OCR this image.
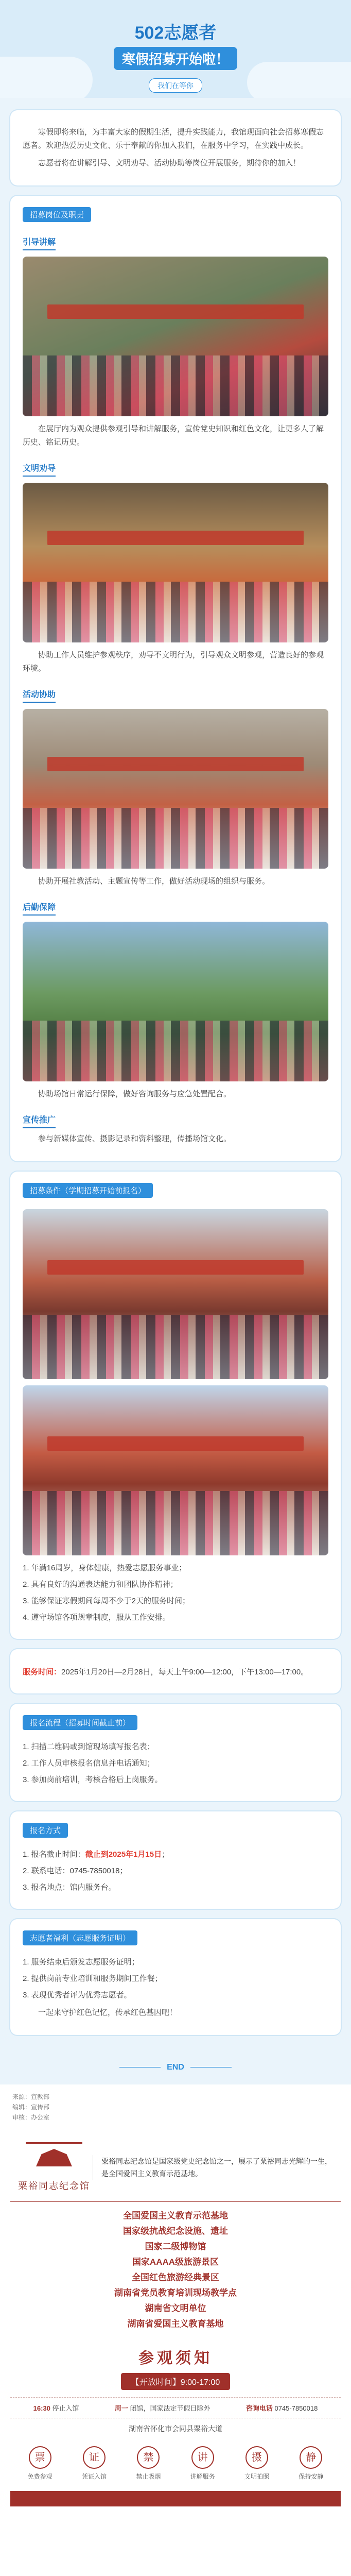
502志愿者
寒假招募开始啦！
我们在等你

寒假即将来临，为丰富大家的假期生活，提升实践能力，我馆现面向社会招募寒假志愿者。欢迎热爱历史文化、乐于奉献的你加入我们，在服务中学习，在实践中成长。

志愿者将在讲解引导、文明劝导、活动协助等岗位开展服务，期待你的加入！

招募岗位及职责
引导讲解

在展厅内为观众提供参观引导和讲解服务，宣传党史知识和红色文化，让更多人了解历史、铭记历史。

文明劝导

协助工作人员维护参观秩序，劝导不文明行为，引导观众文明参观，营造良好的参观环境。

活动协助

协助开展社教活动、主题宣传等工作，做好活动现场的组织与服务。

后勤保障

协助场馆日常运行保障，做好咨询服务与应急处置配合。

宣传推广

参与新媒体宣传、摄影记录和资料整理，传播场馆文化。

招募条件（学期招募开始前报名）
1. 年满16周岁，身体健康，热爱志愿服务事业；
2. 具有良好的沟通表达能力和团队协作精神；
3. 能够保证寒假期间每周不少于2天的服务时间；
4. 遵守场馆各项规章制度，服从工作安排。
服务时间：2025年1月20日—2月28日，每天上午9:00—12:00，下午13:00—17:00。
报名流程（招募时间截止前）
1. 扫描二维码或到馆现场填写报名表；
2. 工作人员审核报名信息并电话通知；
3. 参加岗前培训，考核合格后上岗服务。
报名方式
1. 报名截止时间：截止到2025年1月15日；
2. 联系电话：0745-7850018；
3. 报名地点：馆内服务台。
志愿者福利（志愿服务证明）
1. 服务结束后颁发志愿服务证明；
2. 提供岗前专业培训和服务期间工作餐；
3. 表现优秀者评为优秀志愿者。

一起来守护红色记忆，传承红色基因吧！

END
来源：宣教部
编辑：宣传部
审核：办公室
粟裕同志纪念馆
粟裕同志纪念馆是国家级党史纪念馆之一，展示了粟裕同志光辉的一生，是全国爱国主义教育示范基地。
全国爱国主义教育示范基地
国家级抗战纪念设施、遗址
国家二级博物馆
国家AAAA级旅游景区
全国红色旅游经典景区
湖南省党员教育培训现场教学点
湖南省文明单位
湖南省爱国主义教育基地
参观须知
【开放时间】9:00-17:00
16:30 停止入馆	周一 闭馆，国家法定节假日除外	咨询电话 0745-7850018
湖南省怀化市会同县粟裕大道
票
免费参观
证
凭证入馆
禁
禁止吸烟
讲
讲解服务
摄
文明拍照
静
保持安静
